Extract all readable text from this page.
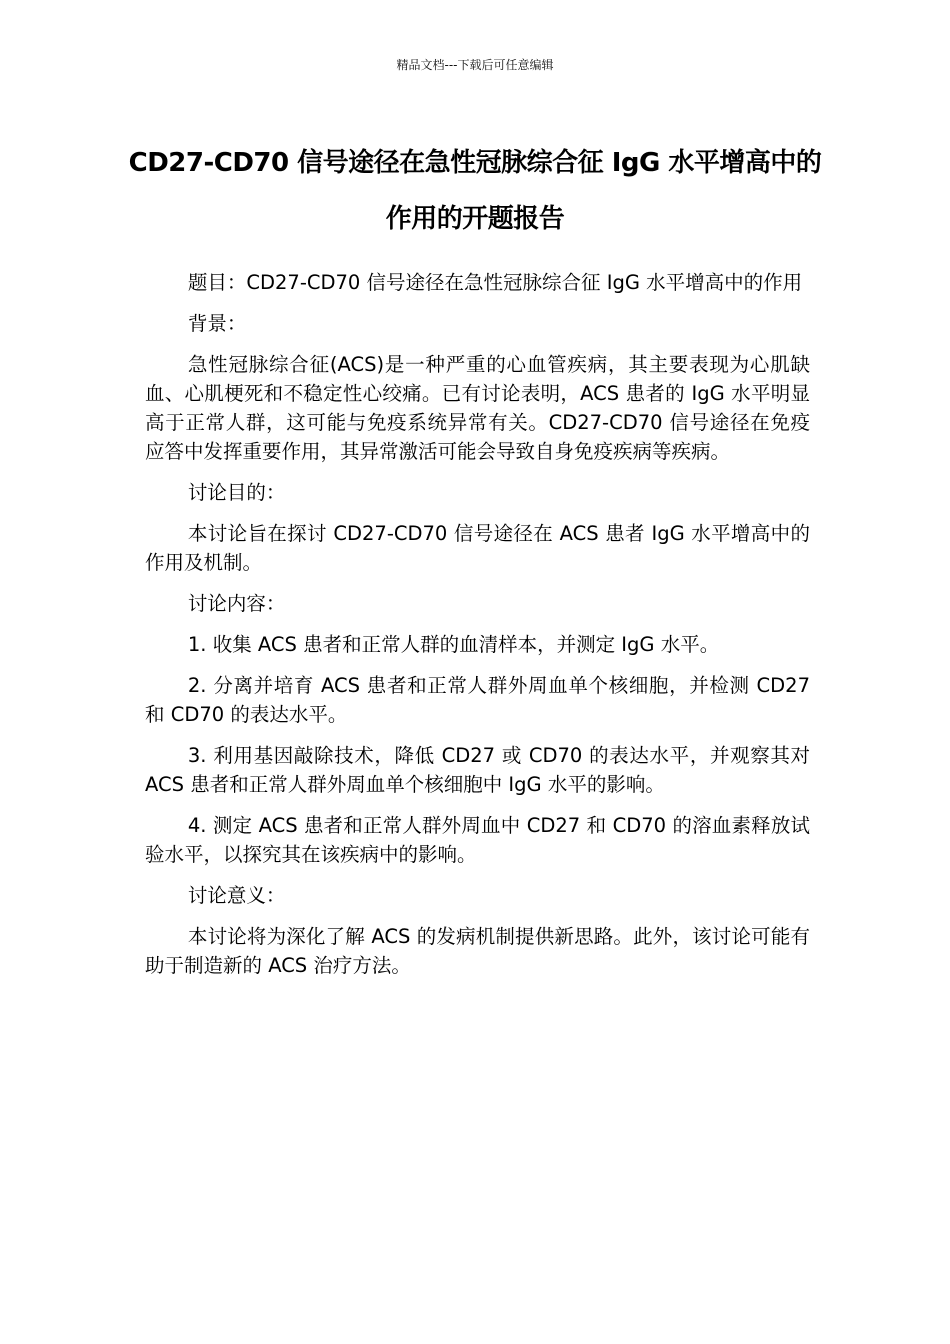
精品文档---下载后可任意编辑
CD27-CD70 信号途径在急性冠脉综合征 IgG 水平增高中的作用的开题报告

题目：CD27-CD70 信号途径在急性冠脉综合征 IgG 水平增高中的作用

背景：

急性冠脉综合征(ACS)是一种严重的心血管疾病，其主要表现为心肌缺血、心肌梗死和不稳定性心绞痛。已有讨论表明，ACS 患者的 IgG 水平明显高于正常人群，这可能与免疫系统异常有关。CD27-CD70 信号途径在免疫应答中发挥重要作用，其异常激活可能会导致自身免疫疾病等疾病。

讨论目的：

本讨论旨在探讨 CD27-CD70 信号途径在 ACS 患者 IgG 水平增高中的作用及机制。

讨论内容：

1. 收集 ACS 患者和正常人群的血清样本，并测定 IgG 水平。

2. 分离并培育 ACS 患者和正常人群外周血单个核细胞，并检测 CD27 和 CD70 的表达水平。

3. 利用基因敲除技术，降低 CD27 或 CD70 的表达水平，并观察其对 ACS 患者和正常人群外周血单个核细胞中 IgG 水平的影响。

4. 测定 ACS 患者和正常人群外周血中 CD27 和 CD70 的溶血素释放试验水平，以探究其在该疾病中的影响。

讨论意义：

本讨论将为深化了解 ACS 的发病机制提供新思路。此外，该讨论可能有助于制造新的 ACS 治疗方法。
